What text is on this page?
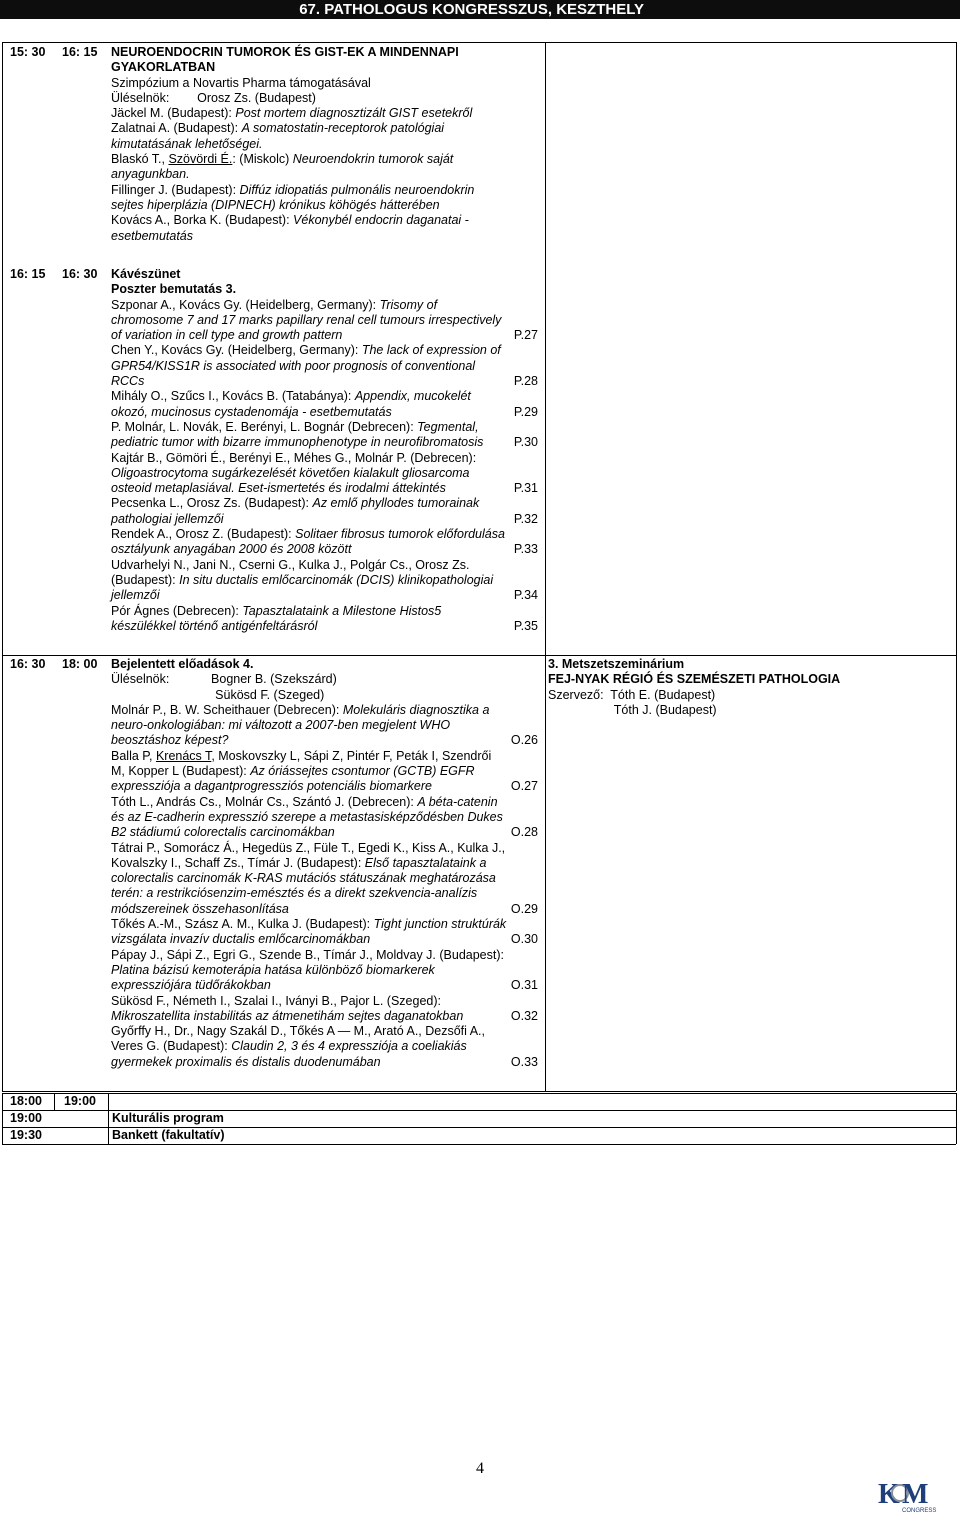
67. PATHOLOGUS KONGRESSZUS, KESZTHELY
15: 30 16: 15 NEUROENDOCRIN TUMOROK ÉS GIST-EK A MINDENNAPI
GYAKORLATBAN
Szimpózium a Novartis Pharma támogatásával
Üléselnök:        Orosz Zs. (Budapest)
Jäckel M. (Budapest): Post mortem diagnosztizált GIST esetekről
Zalatnai A. (Budapest): A somatostatin-receptorok patológiai
kimutatásának lehetőségei.
Blaskó T., Szövördi É.: (Miskolc) Neuroendokrin tumorok saját
anyagunkban.
Fillinger J. (Budapest): Diffúz idiopatiás pulmonális neuroendokrin
sejtes hiperplázia (DIPNECH) krónikus köhögés hátterében
Kovács A., Borka K. (Budapest): Vékonybél endocrin daganatai -
esetbemutatás
16: 15 16: 30 Kávészünet
Poszter bemutatás 3.
Szponar A., Kovács Gy. (Heidelberg, Germany): Trisomy of
chromosome 7 and 17 marks papillary renal cell tumours irrespectively
of variation in cell type and growth pattern	P.27
Chen Y., Kovács Gy. (Heidelberg, Germany): The lack of expression of
GPR54/KISS1R is associated with poor prognosis of conventional
RCCs	P.28
Mihály O., Szűcs I., Kovács B. (Tatabánya): Appendix, mucokelét
okozó, mucinosus cystadenomája - esetbemutatás	P.29
P. Molnár, L. Novák, E. Berényi, L. Bognár (Debrecen): Tegmental,
pediatric tumor with bizarre immunophenotype in neurofibromatosis P.30
Kajtár B., Gömöri É., Berényi E., Méhes G., Molnár P. (Debrecen):
Oligoastrocytoma sugárkezelését követően kialakult gliosarcoma
osteoid metaplasiával. Eset-ismertetés és irodalmi áttekintés	P.31
Pecsenka L., Orosz Zs. (Budapest): Az emlő phyllodes tumorainak
pathologiai jellemzői	P.32
Rendek A., Orosz Z. (Budapest): Solitaer fibrosus tumorok előfordulása
osztályunk anyagában 2000 és 2008 között	P.33
Udvarhelyi N., Jani N., Cserni G., Kulka J., Polgár Cs., Orosz Zs.
(Budapest): In situ ductalis emlőcarcinomák (DCIS) klinikopathologiai
jellemzői	P.34
Pór Ágnes (Debrecen): Tapasztalataink a Milestone Histos5
készülékkel történő antigénfeltárásról	P.35
16: 30 18: 00 Bejelentett előadások 4.
Üléselnök:            Bogner B. (Szekszárd)
Sükösd F. (Szeged)
Molnár P., B. W. Scheithauer (Debrecen): Molekuláris diagnosztika a
neuro-onkologiában: mi változott a 2007-ben megjelent WHO
beosztáshoz képest?	O.26
Balla P, Krenács T, Moskovszky L, Sápi Z, Pintér F, Peták I, Szendrői
M, Kopper L (Budapest): Az óriássejtes csontumor (GCTB) EGFR
expressziója a dagantprogressziós potenciális biomarkere	O.27
Tóth L., András Cs., Molnár Cs., Szántó J. (Debrecen): A béta-catenin
és az E-cadherin expresszió szerepe a metastasisképződésben Dukes
B2 stádiumú colorectalis carcinomákban	O.28
Tátrai P., Somorácz Á., Hegedüs Z., Füle T., Egedi K., Kiss A., Kulka J.,
Kovalszky I., Schaff Zs., Tímár J. (Budapest): Első tapasztalataink a
colorectalis carcinomák K-RAS mutációs státuszának meghatározása
terén: a restrikciósenzim-emésztés és a direkt szekvencia-analízis
módszereinek összehasonlítása	O.29
Tőkés A.-M., Szász A. M., Kulka J. (Budapest): Tight junction struktúrák
vizsgálata invazív ductalis emlőcarcinomákban	O.30
Pápay J., Sápi Z., Egri G., Szende B., Tímár J., Moldvay J. (Budapest):
Platina bázisú kemoterápia hatása különböző biomarkerek
expressziójára tüdőrákokban	O.31
Sükösd F., Németh I., Szalai I., Iványi B., Pajor L. (Szeged):
Mikroszatellita instabilitás az átmenetihám sejtes daganatokban	O.32
Győrffy H., Dr., Nagy Szakál D., Tőkés A — M., Arató A., Dezsőfi A.,
Veres G. (Budapest): Claudin 2, 3 és 4 expressziója a coeliakiás
gyermekek proximalis és distalis duodenumában	O.33
3. Metszetszeminárium
FEJ-NYAK RÉGIÓ ÉS SZEMÉSZETI PATHOLOGIA
Szervező:  Tóth E. (Budapest)
Tóth J. (Budapest)
18:00 19:00
19:00	Kulturális program
19:30	Bankett (fakultatív)
4
K M
CONGRESS
